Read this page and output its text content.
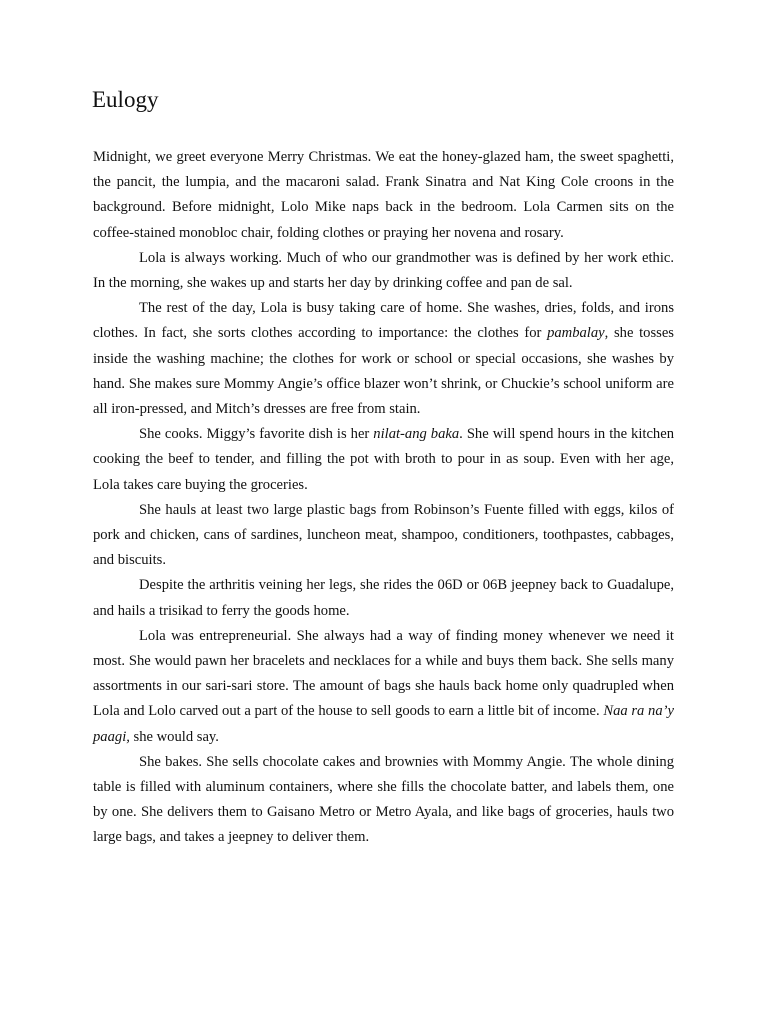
Eulogy

Midnight, we greet everyone Merry Christmas. We eat the honey-glazed ham, the sweet spaghetti, the pancit, the lumpia, and the macaroni salad. Frank Sinatra and Nat King Cole croons in the background. Before midnight, Lolo Mike naps back in the bedroom. Lola Carmen sits on the coffee-stained monobloc chair, folding clothes or praying her novena and rosary.

Lola is always working. Much of who our grandmother was is defined by her work ethic. In the morning, she wakes up and starts her day by drinking coffee and pan de sal.

The rest of the day, Lola is busy taking care of home. She washes, dries, folds, and irons clothes. In fact, she sorts clothes according to importance: the clothes for pambalay, she tosses inside the washing machine; the clothes for work or school or special occasions, she washes by hand. She makes sure Mommy Angie’s office blazer won’t shrink, or Chuckie’s school uniform are all iron-pressed, and Mitch’s dresses are free from stain.

She cooks. Miggy’s favorite dish is her nilat-ang baka. She will spend hours in the kitchen cooking the beef to tender, and filling the pot with broth to pour in as soup. Even with her age, Lola takes care buying the groceries.

She hauls at least two large plastic bags from Robinson’s Fuente filled with eggs, kilos of pork and chicken, cans of sardines, luncheon meat, shampoo, conditioners, toothpastes, cabbages, and biscuits.

Despite the arthritis veining her legs, she rides the 06D or 06B jeepney back to Guadalupe, and hails a trisikad to ferry the goods home.

Lola was entrepreneurial. She always had a way of finding money whenever we need it most. She would pawn her bracelets and necklaces for a while and buys them back. She sells many assortments in our sari-sari store. The amount of bags she hauls back home only quadrupled when Lola and Lolo carved out a part of the house to sell goods to earn a little bit of income. Naa ra na’y paagi, she would say.

She bakes. She sells chocolate cakes and brownies with Mommy Angie. The whole dining table is filled with aluminum containers, where she fills the chocolate batter, and labels them, one by one. She delivers them to Gaisano Metro or Metro Ayala, and like bags of groceries, hauls two large bags, and takes a jeepney to deliver them.
